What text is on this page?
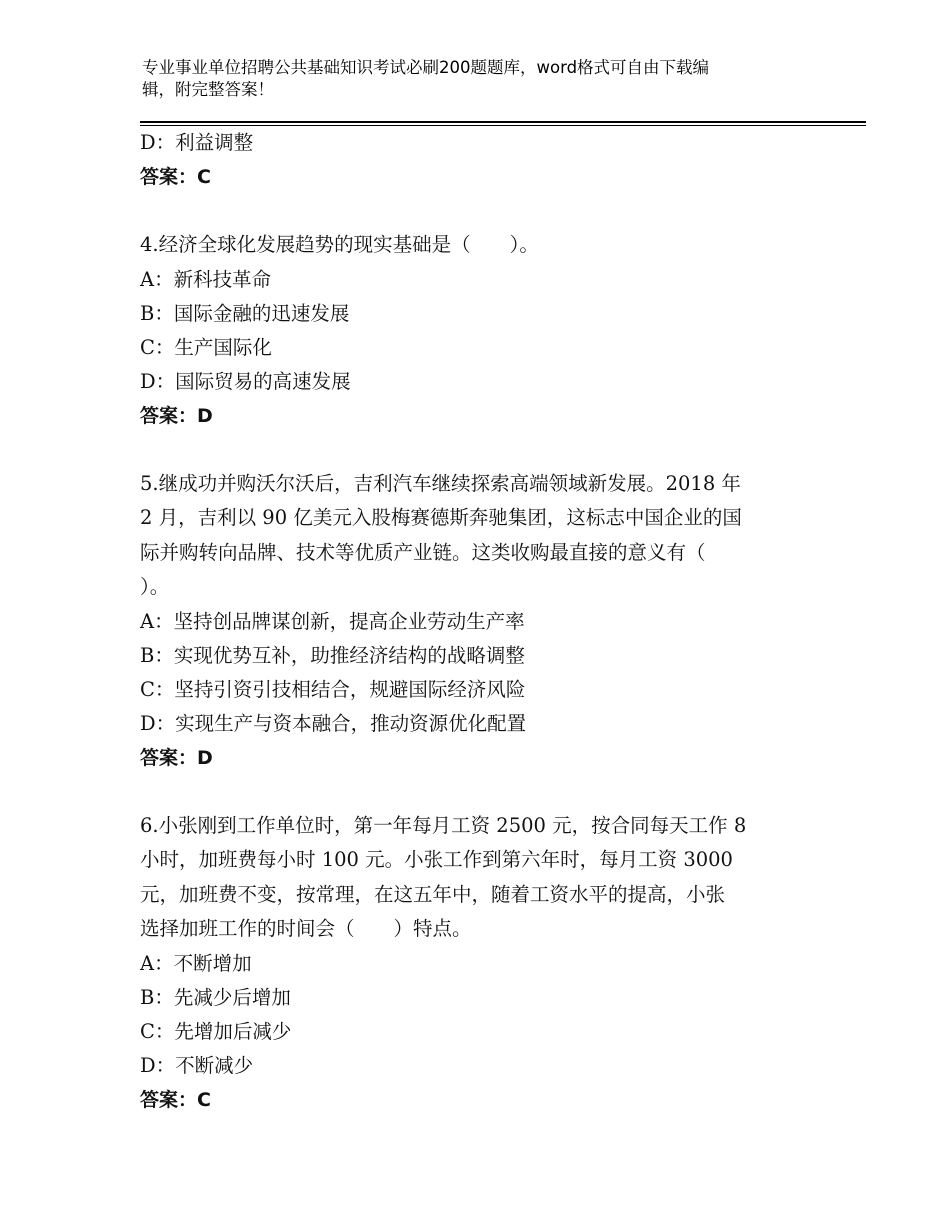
专业事业单位招聘公共基础知识考试必刷200题题库，word格式可自由下载编
辑，附完整答案！
D：利益调整
答案：C
4.经济全球化发展趋势的现实基础是（　　）。
A：新科技革命
B：国际金融的迅速发展
C：生产国际化
D：国际贸易的高速发展
答案：D
5.继成功并购沃尔沃后，吉利汽车继续探索高端领域新发展。2018 年
2 月，吉利以 90 亿美元入股梅赛德斯奔驰集团，这标志中国企业的国
际并购转向品牌、技术等优质产业链。这类收购最直接的意义有（
）。
A：坚持创品牌谋创新，提高企业劳动生产率
B：实现优势互补，助推经济结构的战略调整
C：坚持引资引技相结合，规避国际经济风险
D：实现生产与资本融合，推动资源优化配置
答案：D
6.小张刚到工作单位时，第一年每月工资 2500 元，按合同每天工作 8
小时，加班费每小时 100 元。小张工作到第六年时，每月工资 3000
元，加班费不变，按常理，在这五年中，随着工资水平的提高，小张
选择加班工作的时间会（　　）特点。
A：不断增加
B：先减少后增加
C：先增加后减少
D：不断减少
答案：C
